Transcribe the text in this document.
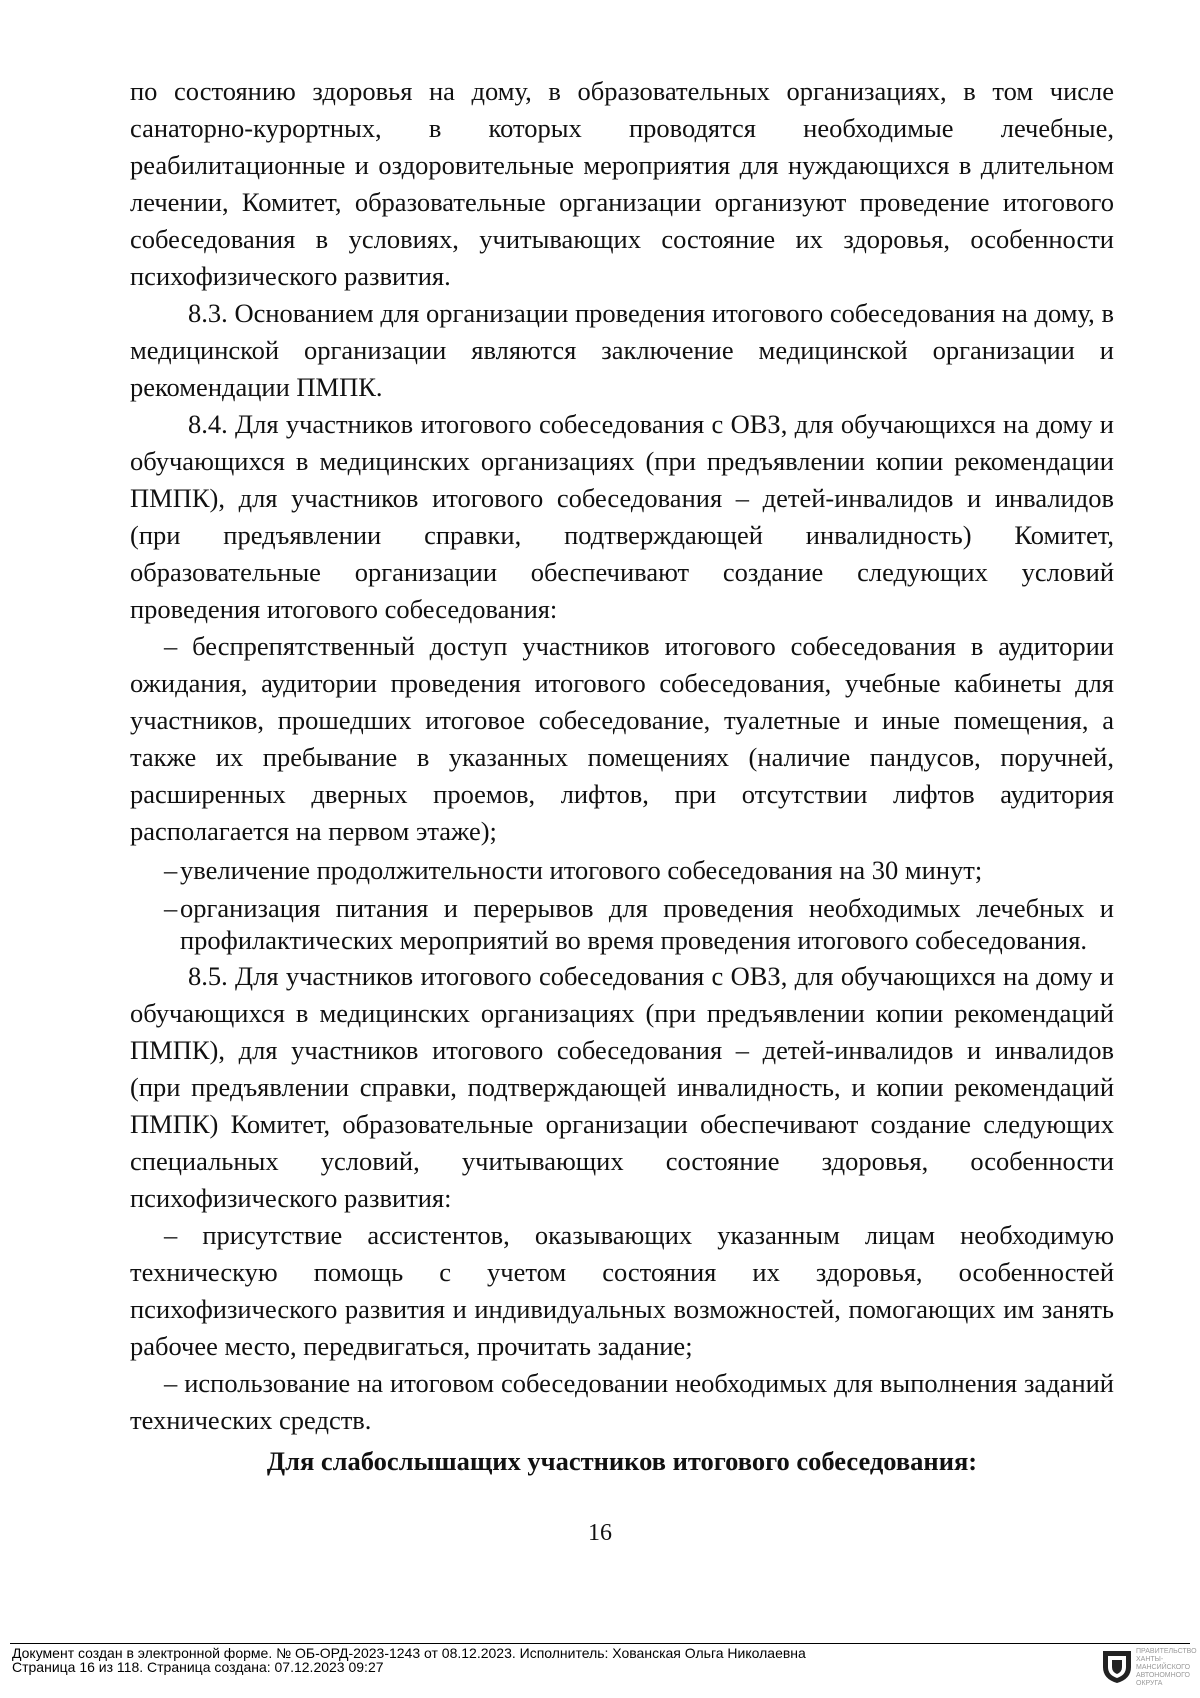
по состоянию здоровья на дому, в образовательных организациях, в том числе санаторно-курортных, в которых проводятся необходимые лечебные, реабилитационные и оздоровительные мероприятия для нуждающихся в длительном лечении, Комитет, образовательные организации организуют проведение итогового собеседования в условиях, учитывающих состояние их здоровья, особенности психофизического развития.

8.3. Основанием для организации проведения итогового собеседования на дому, в медицинской организации являются заключение медицинской организации и рекомендации ПМПК.

8.4. Для участников итогового собеседования с ОВЗ, для обучающихся на дому и обучающихся в медицинских организациях (при предъявлении копии рекомендации ПМПК), для участников итогового собеседования – детей-инвалидов и инвалидов (при предъявлении справки, подтверждающей инвалидность) Комитет, образовательные организации обеспечивают создание следующих условий проведения итогового собеседования:

– беспрепятственный доступ участников итогового собеседования в аудитории ожидания, аудитории проведения итогового собеседования, учебные кабинеты для участников, прошедших итоговое собеседование, туалетные и иные помещения, а также их пребывание в указанных помещениях (наличие пандусов, поручней, расширенных дверных проемов, лифтов, при отсутствии лифтов аудитория располагается на первом этаже);

– увеличение продолжительности итогового собеседования на 30 минут;

– организация питания и перерывов для проведения необходимых лечебных и профилактических мероприятий во время проведения итогового собеседования.

8.5. Для участников итогового собеседования с ОВЗ, для обучающихся на дому и обучающихся в медицинских организациях (при предъявлении копии рекомендаций ПМПК), для участников итогового собеседования – детей-инвалидов и инвалидов (при предъявлении справки, подтверждающей инвалидность, и копии рекомендаций ПМПК) Комитет, образовательные организации обеспечивают создание следующих специальных условий, учитывающих состояние здоровья, особенности психофизического развития:

– присутствие ассистентов, оказывающих указанным лицам необходимую техническую помощь с учетом состояния их здоровья, особенностей психофизического развития и индивидуальных возможностей, помогающих им занять рабочее место, передвигаться, прочитать задание;

– использование на итоговом собеседовании необходимых для выполнения заданий технических средств.

Для слабослышащих участников итогового собеседования:

16
Документ создан в электронной форме. № ОБ-ОРД-2023-1243 от 08.12.2023. Исполнитель: Хованская Ольга Николаевна
Страница 16 из 118. Страница создана: 07.12.2023 09:27
ПРАВИТЕЛЬСТВО ХАНТЫ-МАНСИЙСКОГО АВТОНОМНОГО ОКРУГА
